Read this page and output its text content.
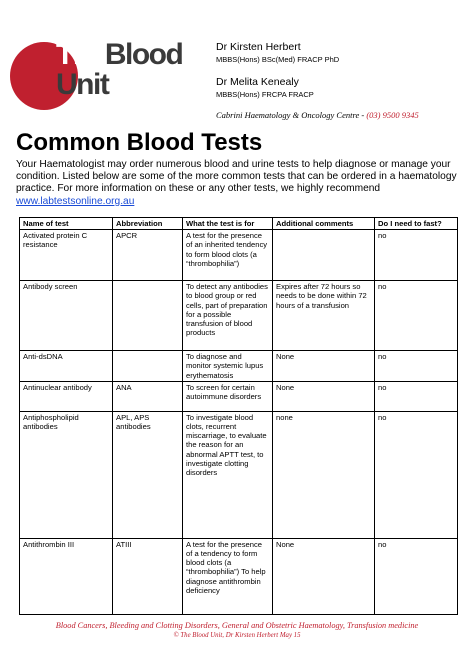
TheBlood
Unit
Dr Kirsten Herbert
MBBS(Hons) BSc(Med) FRACP PhD
Dr Melita Kenealy
MBBS(Hons) FRCPA FRACP
Cabrini Haematology & Oncology Centre - (03) 9500 9345
Common Blood Tests

Your Haematologist may order numerous blood and urine tests to help diagnose or manage your condition. Listed below are some of the more common tests that can be ordered in a haematology practice. For more information on these or any other tests, we highly recommend www.labtestsonline.org.au

Name of test	Abbreviation	What the test is for	Additional comments	Do I need to fast?
Activated protein C resistance	APCR	A test for the presence of an inherited tendency to form blood clots (a “thrombophilia”)		no
Antibody screen		To detect any antibodies to blood group or red cells, part of preparation for a possible transfusion of blood products	Expires after 72 hours so needs to be done within 72 hours of a transfusion	no
Anti-dsDNA		To diagnose and monitor systemic lupus erythematosis	None	no
Antinuclear antibody	ANA	To screen for certain autoimmune disorders	None	no
Antiphospholipid antibodies	APL, APS antibodies	To investigate blood clots, recurrent miscarriage, to evaluate the reason for an abnormal APTT test, to investigate clotting disorders	none	no
Antithrombin III	ATIII	A test for the presence of a tendency to form blood clots (a “thrombophilia”) To help diagnose antithrombin deficiency	None	no
Blood Cancers, Bleeding and Clotting Disorders, General and Obstetric Haematology, Transfusion medicine
© The Blood Unit, Dr Kirsten Herbert May 15
